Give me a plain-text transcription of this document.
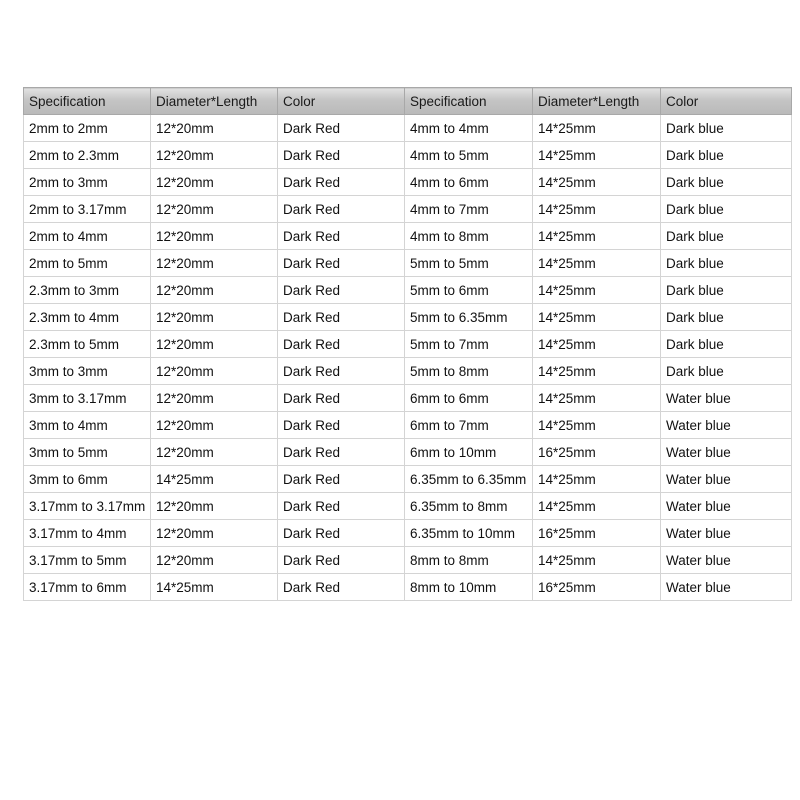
Specification	Diameter*Length	Color	Specification	Diameter*Length	Color
2mm to 2mm	12*20mm	Dark Red	4mm to 4mm	14*25mm	Dark blue
2mm to 2.3mm	12*20mm	Dark Red	4mm to 5mm	14*25mm	Dark blue
2mm to 3mm	12*20mm	Dark Red	4mm to 6mm	14*25mm	Dark blue
2mm to 3.17mm	12*20mm	Dark Red	4mm to 7mm	14*25mm	Dark blue
2mm to 4mm	12*20mm	Dark Red	4mm to 8mm	14*25mm	Dark blue
2mm to 5mm	12*20mm	Dark Red	5mm to 5mm	14*25mm	Dark blue
2.3mm to 3mm	12*20mm	Dark Red	5mm to 6mm	14*25mm	Dark blue
2.3mm to 4mm	12*20mm	Dark Red	5mm to 6.35mm	14*25mm	Dark blue
2.3mm to 5mm	12*20mm	Dark Red	5mm to 7mm	14*25mm	Dark blue
3mm to 3mm	12*20mm	Dark Red	5mm to 8mm	14*25mm	Dark blue
3mm to 3.17mm	12*20mm	Dark Red	6mm to 6mm	14*25mm	Water blue
3mm to 4mm	12*20mm	Dark Red	6mm to 7mm	14*25mm	Water blue
3mm to 5mm	12*20mm	Dark Red	6mm to 10mm	16*25mm	Water blue
3mm to 6mm	14*25mm	Dark Red	6.35mm to 6.35mm	14*25mm	Water blue
3.17mm to 3.17mm	12*20mm	Dark Red	6.35mm to 8mm	14*25mm	Water blue
3.17mm to 4mm	12*20mm	Dark Red	6.35mm to 10mm	16*25mm	Water blue
3.17mm to 5mm	12*20mm	Dark Red	8mm to 8mm	14*25mm	Water blue
3.17mm to 6mm	14*25mm	Dark Red	8mm to 10mm	16*25mm	Water blue
